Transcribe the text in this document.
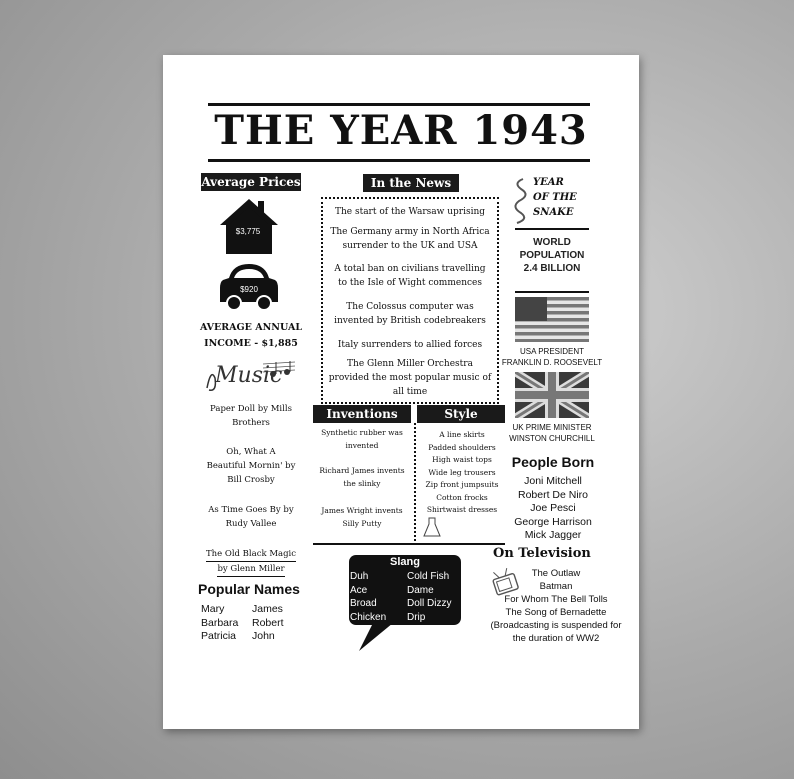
THE YEAR 1943
Average Prices
$3,775
$920
AVERAGE ANNUAL
INCOME - $1,885
Music
Paper Doll by Mills
Brothers
Oh, What A
Beautiful Mornin' by
Bill Crosby
As Time Goes By by
Rudy Vallee
The Old Black Magic by Glenn Miller
Popular Names
Mary
Barbara
Patricia
James
Robert
John
In the News
The start of the Warsaw uprising
The Germany army in North Africa
surrender to the UK and USA
A total ban on civilians travelling
to the Isle of Wight commences
The Colossus computer was
invented by British codebreakers
Italy surrenders to allied forces
The Glenn Miller Orchestra
provided the most popular music of
all time
Inventions	Style
Synthetic rubber was
invented
Richard James invents
the slinky
James Wright invents
Silly Putty
A line skirts
Padded shoulders
High waist tops
Wide leg trousers
Zip front jumpsuits
Cotton frocks
Shirtwaist dresses
Slang
Duh
Ace
Broad
Chicken
Cold Fish
Dame
Doll Dizzy
Drip
YEAR
OF THE
SNAKE
WORLD
POPULATION
2.4 BILLION
USA PRESIDENT
FRANKLIN D. ROOSEVELT
UK PRIME MINISTER
WINSTON CHURCHILL
People Born
Joni Mitchell
Robert De Niro
Joe Pesci
George Harrison
Mick Jagger
On Television
The Outlaw
Batman
For Whom The Bell Tolls
The Song of Bernadette
(Broadcasting is suspended for
the duration of WW2
